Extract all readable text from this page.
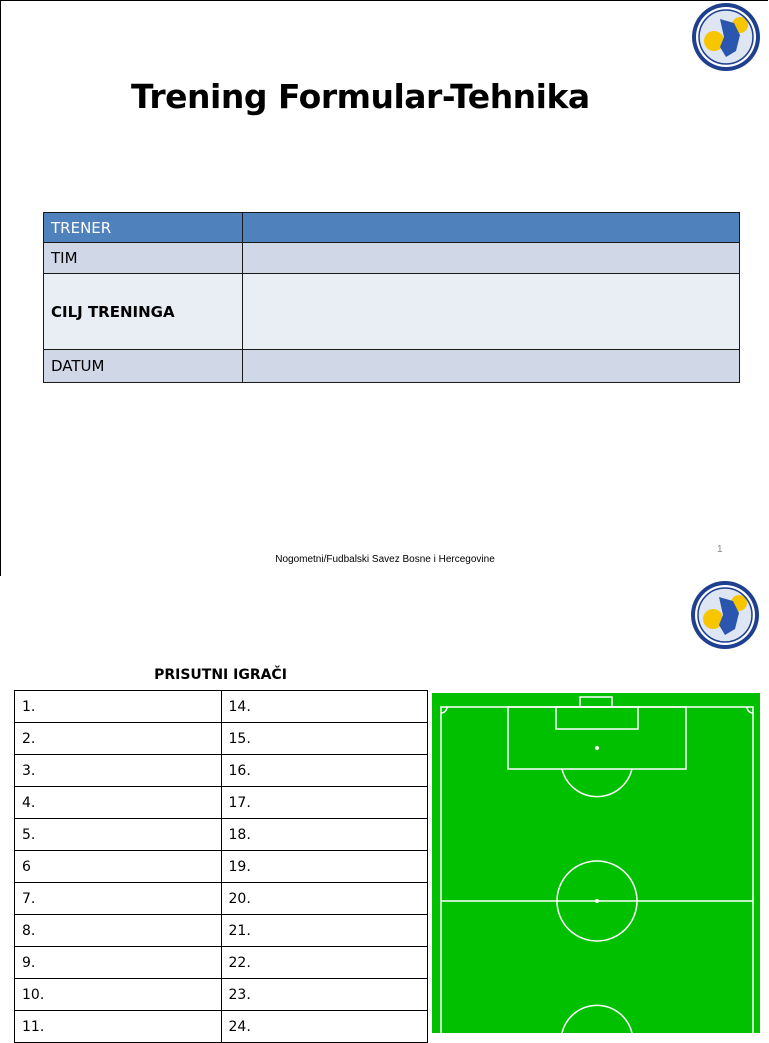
Trening Formular-Tehnika
TRENER	
TIM	
CILJ TRENINGA	
DATUM	
Nogometni/Fudbalski Savez Bosne i Hercegovine
1
PRISUTNI IGRAČI
1.	14.
2.	15.
3.	16.
4.	17.
5.	18.
6	19.
7.	20.
8.	21.
9.	22.
10.	23.
11.	24.
